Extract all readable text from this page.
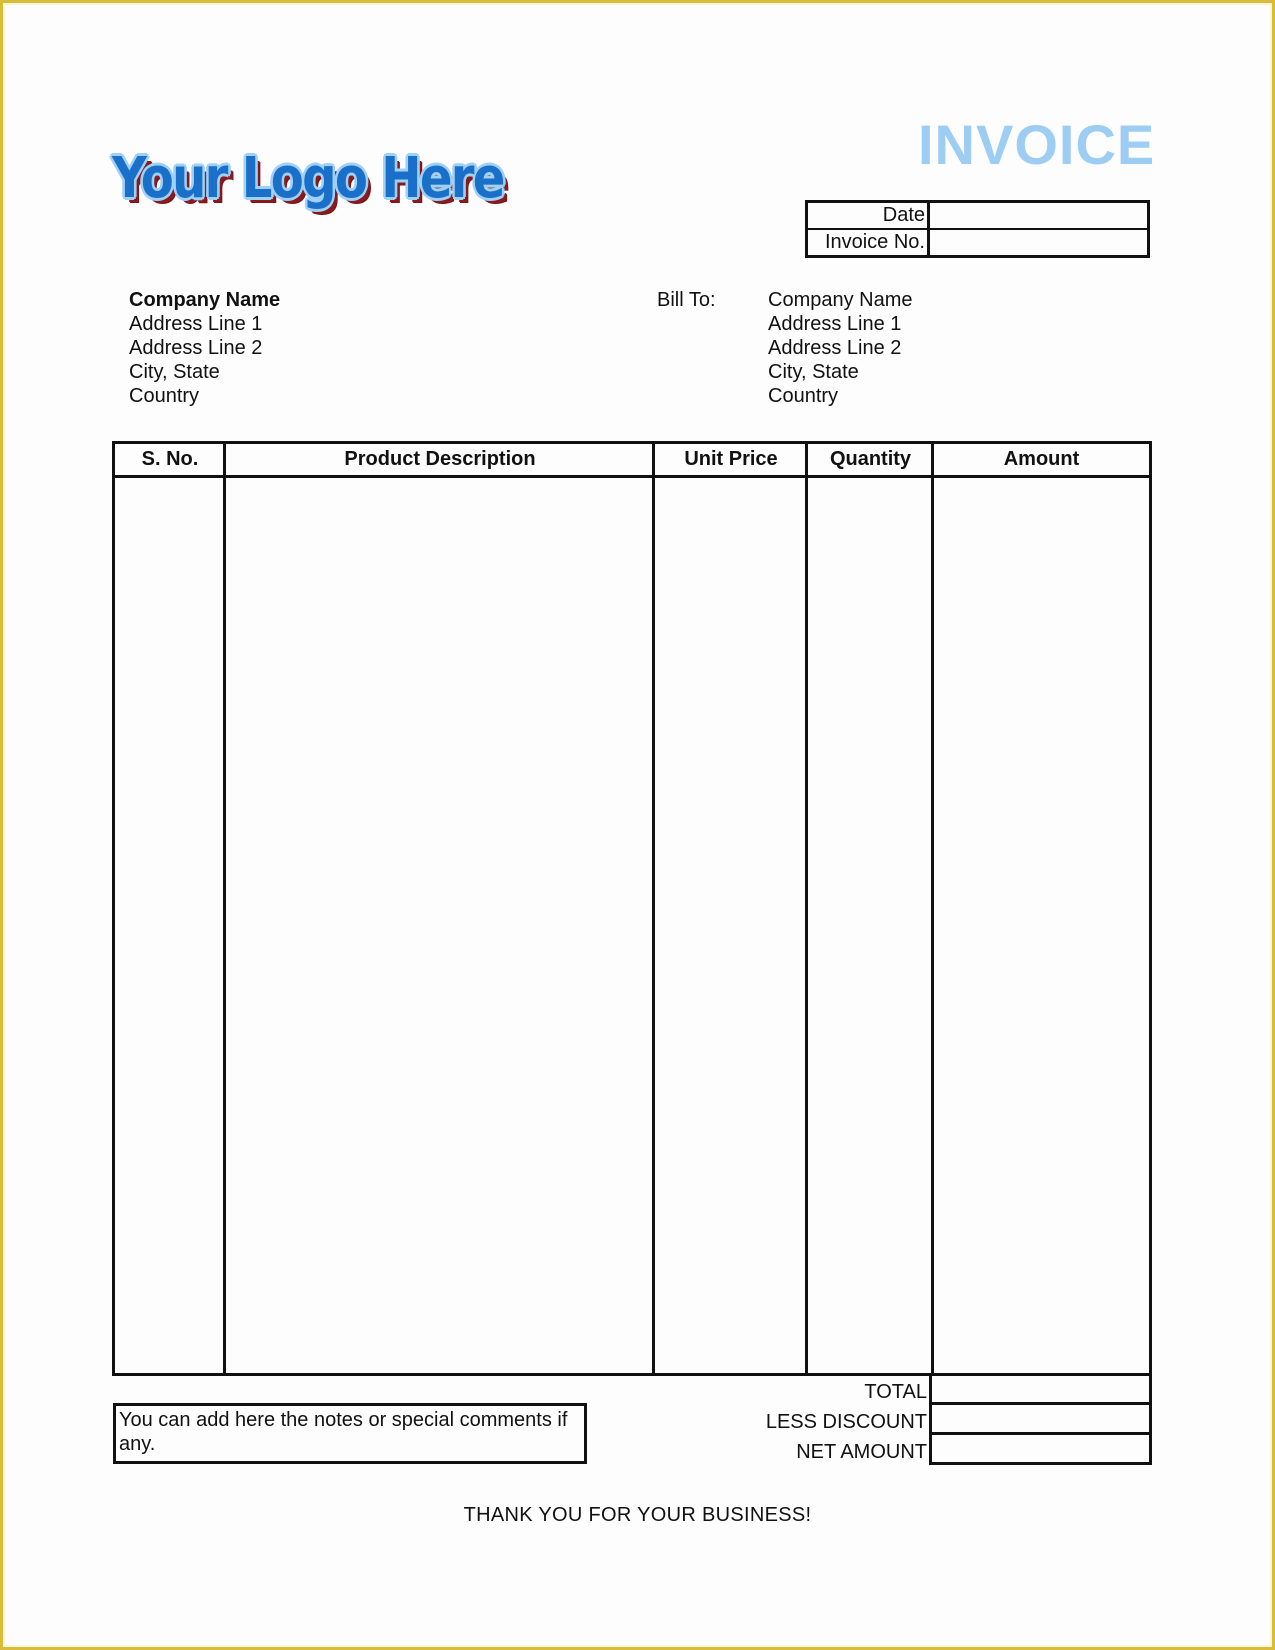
Your Logo Here
INVOICE
Date
Invoice No.
Company Name
Address Line 1
Address Line 2
City, State
Country
Bill To:	Company Name
Address Line 1
Address Line 2
City, State
Country
S. No.	Product Description	Unit Price	Quantity	Amount
TOTAL
LESS DISCOUNT
NET AMOUNT
You can add here the notes or special comments if any.
THANK YOU FOR YOUR BUSINESS!
